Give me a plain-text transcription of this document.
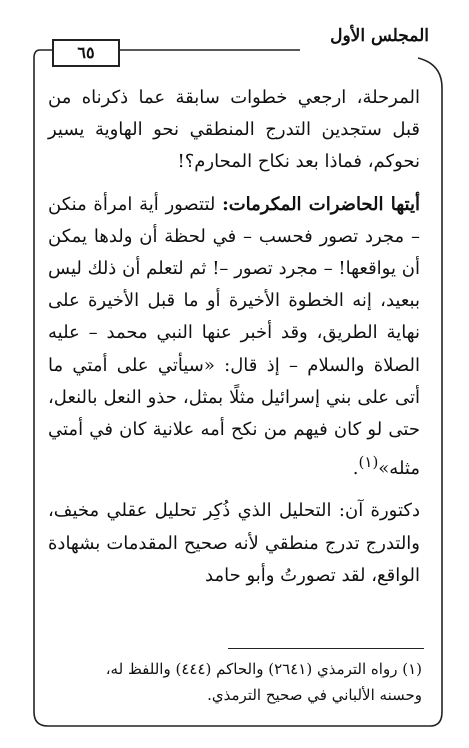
المجلس الأول
٦٥

المرحلة، ارجعي خطوات سابقة عما ذكرناه من قبل ستجدين التدرج المنطقي نحو الهاوية يسير نحوكم، فماذا بعد نكاح المحارم؟!

أيتها الحاضرات المكرمات: لتتصور أية امرأة منكن – مجرد تصور فحسب – في لحظة أن ولدها يمكن أن يواقعها! – مجرد تصور –! ثم لتعلم أن ذلك ليس ببعيد، إنه الخطوة الأخيرة أو ما قبل الأخيرة على نهاية الطريق، وقد أخبر عنها النبي محمد – عليه الصلاة والسلام – إذ قال: «سيأتي على أمتي ما أتى على بني إسرائيل مثلًا بمثل، حذو النعل بالنعل، حتى لو كان فيهم من نكح أمه علانية كان في أمتي مثله»$^{(١)}$.

دكتورة آن: التحليل الذي ذُكِر تحليل عقلي مخيف، والتدرج تدرج منطقي لأنه صحيح المقدمات بشهادة الواقع، لقد تصورتُ وأبو حامد

(١) رواه الترمذي (٢٦٤١) والحاكم (٤٤٤) واللفظ له،

وحسنه الألباني في صحيح الترمذي.
